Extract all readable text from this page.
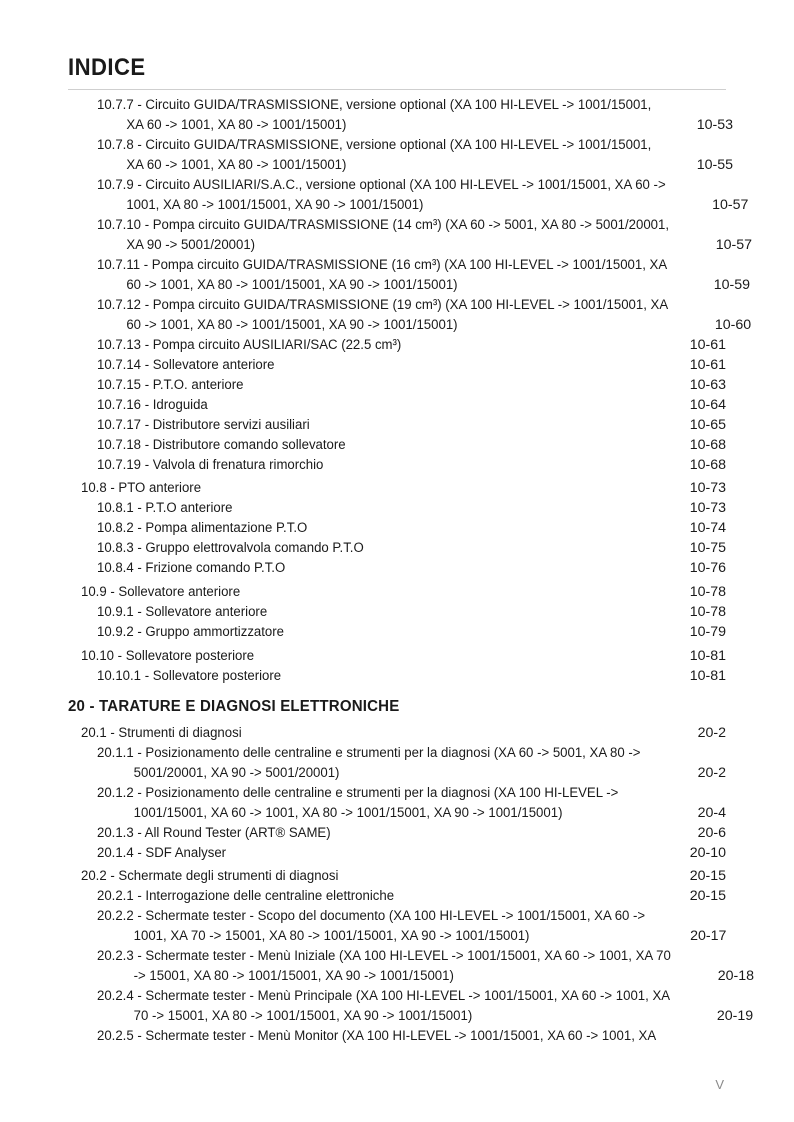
INDICE
10.7.7 - Circuito GUIDA/TRASMISSIONE, versione optional (XA 100 HI-LEVEL -> 1001/15001,
XA 60 -> 1001, XA 80 -> 1001/15001)	10-53
10.7.8 - Circuito GUIDA/TRASMISSIONE, versione optional (XA 100 HI-LEVEL -> 1001/15001,
XA 60 -> 1001, XA 80 -> 1001/15001)	10-55
10.7.9 - Circuito AUSILIARI/S.A.C., versione optional (XA 100 HI-LEVEL -> 1001/15001, XA 60 ->
1001, XA 80 -> 1001/15001, XA 90 -> 1001/15001)	10-57
10.7.10 - Pompa circuito GUIDA/TRASMISSIONE (14 cm³) (XA 60 -> 5001, XA 80 -> 5001/20001,
XA 90 -> 5001/20001)	10-57
10.7.11 - Pompa circuito GUIDA/TRASMISSIONE (16 cm³) (XA 100 HI-LEVEL -> 1001/15001, XA
60 -> 1001, XA 80 -> 1001/15001, XA 90 -> 1001/15001)	10-59
10.7.12 - Pompa circuito GUIDA/TRASMISSIONE (19 cm³) (XA 100 HI-LEVEL -> 1001/15001, XA
60 -> 1001, XA 80 -> 1001/15001, XA 90 -> 1001/15001)	10-60
10.7.13 - Pompa circuito AUSILIARI/SAC (22.5 cm³)	10-61
10.7.14 - Sollevatore anteriore	10-61
10.7.15 - P.T.O. anteriore	10-63
10.7.16 - Idroguida	10-64
10.7.17 - Distributore servizi ausiliari	10-65
10.7.18 - Distributore comando sollevatore	10-68
10.7.19 - Valvola di frenatura rimorchio	10-68
10.8 - PTO anteriore	10-73
10.8.1 - P.T.O anteriore	10-73
10.8.2 - Pompa alimentazione P.T.O	10-74
10.8.3 - Gruppo elettrovalvola comando P.T.O	10-75
10.8.4 - Frizione comando P.T.O	10-76
10.9 - Sollevatore anteriore	10-78
10.9.1 - Sollevatore anteriore	10-78
10.9.2 - Gruppo ammortizzatore	10-79
10.10 - Sollevatore posteriore	10-81
10.10.1 - Sollevatore posteriore	10-81
20 - TARATURE E DIAGNOSI ELETTRONICHE
20.1 - Strumenti di diagnosi	20-2
20.1.1 - Posizionamento delle centraline e strumenti per la diagnosi (XA 60 -> 5001, XA 80 ->
5001/20001, XA 90 -> 5001/20001)	20-2
20.1.2 - Posizionamento delle centraline e strumenti per la diagnosi (XA 100 HI-LEVEL ->
1001/15001, XA 60 -> 1001, XA 80 -> 1001/15001, XA 90 -> 1001/15001)	20-4
20.1.3 - All Round Tester (ART® SAME)	20-6
20.1.4 - SDF Analyser	20-10
20.2 - Schermate degli strumenti di diagnosi	20-15
20.2.1 - Interrogazione delle centraline elettroniche	20-15
20.2.2 - Schermate tester - Scopo del documento (XA 100 HI-LEVEL -> 1001/15001, XA 60 ->
1001, XA 70 -> 15001, XA 80 -> 1001/15001, XA 90 -> 1001/15001)	20-17
20.2.3 - Schermate tester - Menù Iniziale (XA 100 HI-LEVEL -> 1001/15001, XA 60 -> 1001, XA 70
-> 15001, XA 80 -> 1001/15001, XA 90 -> 1001/15001)	20-18
20.2.4 - Schermate tester - Menù Principale (XA 100 HI-LEVEL -> 1001/15001, XA 60 -> 1001, XA
70 -> 15001, XA 80 -> 1001/15001, XA 90 -> 1001/15001)	20-19
20.2.5 - Schermate tester - Menù Monitor (XA 100 HI-LEVEL -> 1001/15001, XA 60 -> 1001, XA
V
